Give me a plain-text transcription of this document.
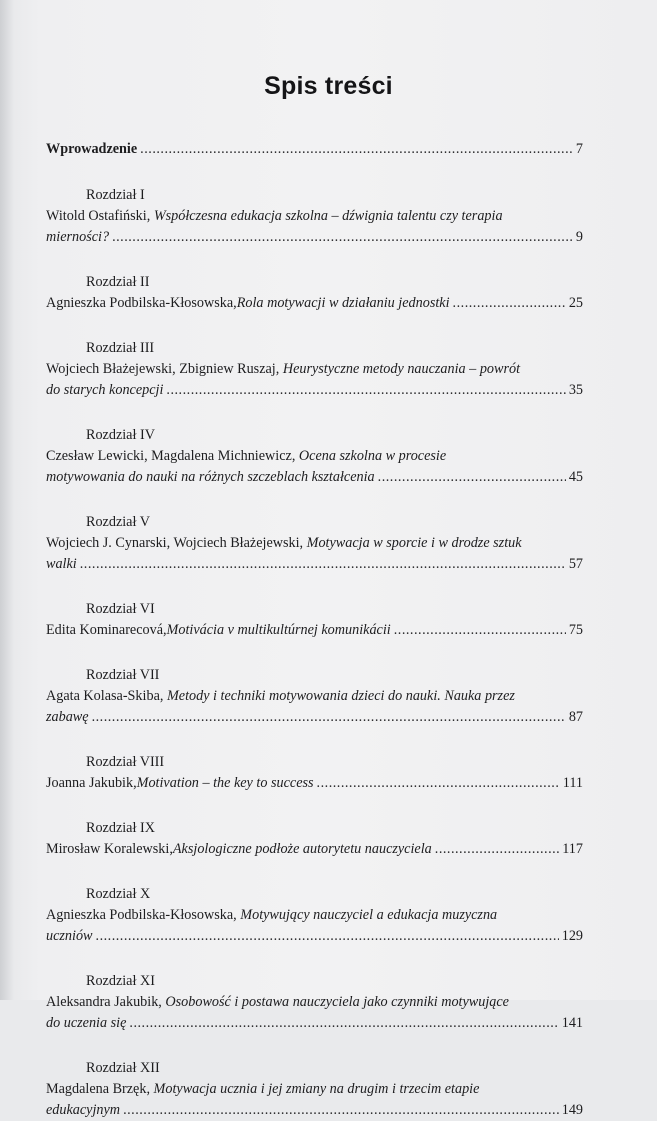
Spis treści
Wprowadzenie .....	7
Rozdział I
Witold Ostafiński, Współczesna edukacja szkolna – dźwignia talentu czy terapia
mierności? .....	9
Rozdział II
Agnieszka Podbilska-Kłosowska, Rola motywacji w działaniu jednostki .....	25
Rozdział III
Wojciech Błażejewski, Zbigniew Ruszaj, Heurystyczne metody nauczania – powrót
do starych koncepcji .....	35
Rozdział IV
Czesław Lewicki, Magdalena Michniewicz, Ocena szkolna w procesie
motywowania do nauki na różnych szczeblach kształcenia .....	45
Rozdział V
Wojciech J. Cynarski, Wojciech Błażejewski, Motywacja w sporcie i w drodze sztuk
walki .....	57
Rozdział VI
Edita Kominarecová, Motivácia v multikultúrnej komunikácii .....	75
Rozdział VII
Agata Kolasa-Skiba, Metody i techniki motywowania dzieci do nauki. Nauka przez
zabawę .....	87
Rozdział VIII
Joanna Jakubik, Motivation – the key to success .....	111
Rozdział IX
Mirosław Koralewski, Aksjologiczne podłoże autorytetu nauczyciela .....	117
Rozdział X
Agnieszka Podbilska-Kłosowska, Motywujący nauczyciel a edukacja muzyczna
uczniów .....	129
Rozdział XI
Aleksandra Jakubik, Osobowość i postawa nauczyciela jako czynniki motywujące
do uczenia się .....	141
Rozdział XII
Magdalena Brzęk, Motywacja ucznia i jej zmiany na drugim i trzecim etapie
edukacyjnym .....	149
